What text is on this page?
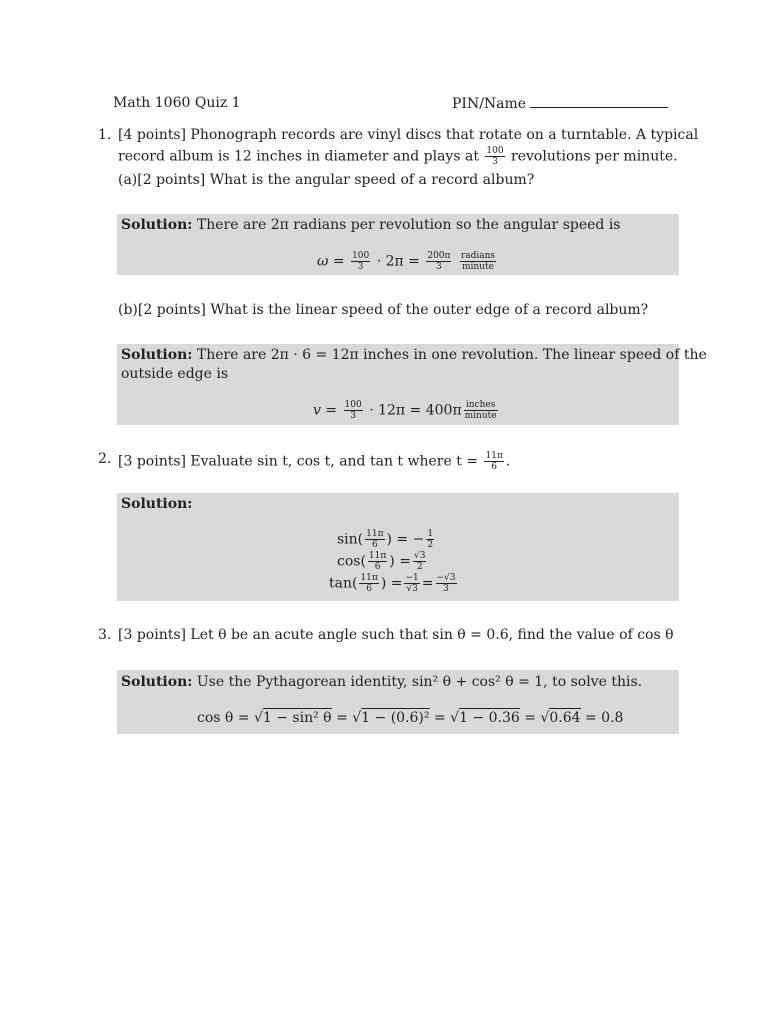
Math 1060 Quiz 1	PIN/Name
1. [4 points] Phonograph records are vinyl discs that rotate on a turntable. A typical
record album is 12 inches in diameter and plays at $\frac{100}{3}$ revolutions per minute.
(a)[2 points] What is the angular speed of a record album?
Solution: There are 2π radians per revolution so the angular speed is
$\omega = \frac{100}{3} \cdot 2\pi = \frac{200\pi}{3}$
$\frac{\text{radians}}{\text{minute}}$
(b)[2 points] What is the linear speed of the outer edge of a record album?
Solution: There are 2π · 6 = 12π inches in one revolution. The linear speed of the
outside edge is
$v = \frac{100}{3} \cdot 12\pi = 400\pi \frac{\text{inches}}{\text{minute}}$
2. [3 points] Evaluate sin t, cos t, and tan t where $t = \frac{11\pi}{6}$ .
Solution:
$\sin( \frac{11\pi}{6}$ ) = − $\frac{1}{2}$
$\cos( \frac{11\pi}{6}$ ) = $\frac{√3}{2}$
$\tan( \frac{11\pi}{6}$ ) = $\frac{-1}{√3} = \frac{-√3}{3}$
3. [3 points] Let θ be an acute angle such that sin θ = 0.6, find the value of cos θ
Solution: Use the Pythagorean identity, sin² θ + cos² θ = 1, to solve this.
cos θ = √1 − sin² θ = √1 − (0.6)² = √1 − 0.36 = √0.64 = 0.8
